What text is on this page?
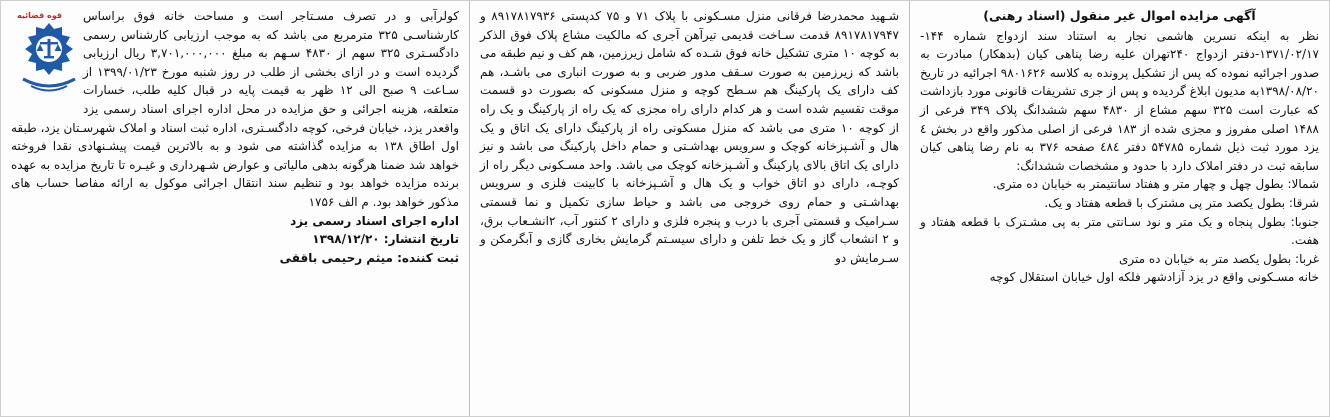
آگهی مزایده اموال غیر منقول (اسناد رهنی)

نظر به اینکه نسرین هاشمی نجار به استناد سند ازدواج شماره ۱۴۴- ۱۳۷۱/۰۲/۱۷-دفتر ازدواج ۲۴۰تهران علیه رضا پناهی کیان (بدهکار) مبادرت به صدور اجرائیه نموده که پس از تشکیل پرونده به کلاسه ۹۸۰۱۶۲۶ اجرائیه در تاریخ ۱۳۹۸/۰۸/۲۰به مدیون ابلاغ گردیده و پس از جری تشریفات قانونی مورد بازداشت که عبارت است ۳۲۵ سهم مشاع از ۴۸۳۰ سهم ششدانگ پلاک ۳۴۹ فرعی از ۱۴۸۸ اصلی مفروز و مجزی شده از ۱۸۳ فرعی از اصلی مذکور واقع در بخش ٤ یزد مورد ثبت ذیل شماره ۵۴۷۸۵ دفتر ٤٨٤ صفحه ۳۷۶ به نام رضا پناهی کیان سابقه ثبت در دفتر املاک دارد با حدود و مشخصات ششدانگ:

شمالا: بطول چهل و چهار متر و هفتاد سانتیمتر به خیابان ده متری.

شرقا: بطول یکصد متر پی مشترک با قطعه هفتاد و یک.

جنوبا: بطول پنجاه و یک متر و نود سـانتی متر به پی مشـترک با قطعه هفتاد و هفت.

غربا: بطول یکصد متر به خیابان ده متری

خانه مسـکونی واقع در یزد آزادشهر فلکه اول خیابان استقلال کوچه

شـهید محمدرضا فرقانی منزل مسـکونی با پلاک ۷۱ و ۷۵ کدپستی ۸۹۱۷۸۱۷۹۳۶ و ۸۹۱۷۸۱۷۹۴۷ قدمت سـاخت قدیمی تیرآهن آجری که مالکیت مشاع پلاک فوق الذکر به کوچه ۱۰ متری تشکیل خانه فوق شـده که شامل زیرزمین، هم کف و نیم طبقه می باشد که زیرزمین به صورت سـقف مدور ضربی و به صورت انباری می باشـد، هم کف دارای یک پارکینگ هم سـطح کوچه و منزل مسکونی که بصورت دو قسمت موقت تقسیم شده است و هر کدام دارای راه مجزی که یک راه از پارکینگ و یک راه از کوچه ۱۰ متری می باشد که منزل مسکونی راه از پارکینگ دارای یک اتاق و یک هال و آشـپزخانه کوچک و سرویس بهداشـتی و حمام داخل پارکینگ می باشد و نیز دارای یک اتاق بالای پارکینگ و آشـپزخانه کوچک می باشد. واحد مسـکونی دیگر راه از کوچـه، دارای دو اتاق خواب و یک هال و آشـپزخانه با کابینت فلزی و سرویس بهداشـتی و حمام روی خروجی می باشد و حیاط سازی تکمیل و نما قسمتی سـرامیک و قسمتی آجری با درب و پنجره فلزی و دارای ۲ کنتور آب، ۲انشـعاب برق، و ۲ انشعاب گاز و یک خط تلفن و دارای سیسـتم گرمایش بخاری گازی و آبگرمکن و سـرمایش دو

قوه قضائیه	کولرآبی و در تصرف مسـتاجر است و مساحت خانه فوق براساس کارشناسـی ۳۲۵ مترمربع می باشد که به موجب ارزیابی کارشناس رسمی دادگسـتری ۳۲۵ سهم از ۴۸۳۰ سـهم به مبلغ ۳,۷۰۱,۰۰۰,۰۰۰ ریال ارزیابی گردیده است و در ازای بخشی از طلب در روز شنبه مورخ ۱۳۹۹/۰۱/۲۳ از سـاعت ۹ صبح الی ۱۲ ظهر به قیمت پایه در قبال کلیه طلب، خسارات متعلقه، هزینه اجرائی و حق مزایده در محل اداره اجرای اسناد رسمی یزد واقعدر یزد، خیابان فرخی، کوچه دادگسـتری، اداره ثبت اسناد و املاک شهرسـتان یزد، طبقه اول اطاق ۱۳۸ به مزایده گذاشته می شود و به بالاترین قیمت پیشـنهادی نقدا فروخته خواهد شد ضمنا هرگونه بدهی مالیاتی و عوارض شـهرداری و غیـره تا تاریخ مزایده به عهده برنده مزایده خواهد بود و تنظیم سند انتقال اجرائی موکول به ارائه مفاصا حساب های مذکور خواهد بود. م الف ۱۷۵۶

اداره اجرای اسناد رسمی یزد

تاریخ انتشار: ۱۳۹۸/۱۲/۲۰

ثبت کننده: میثم رحیمی باققی
